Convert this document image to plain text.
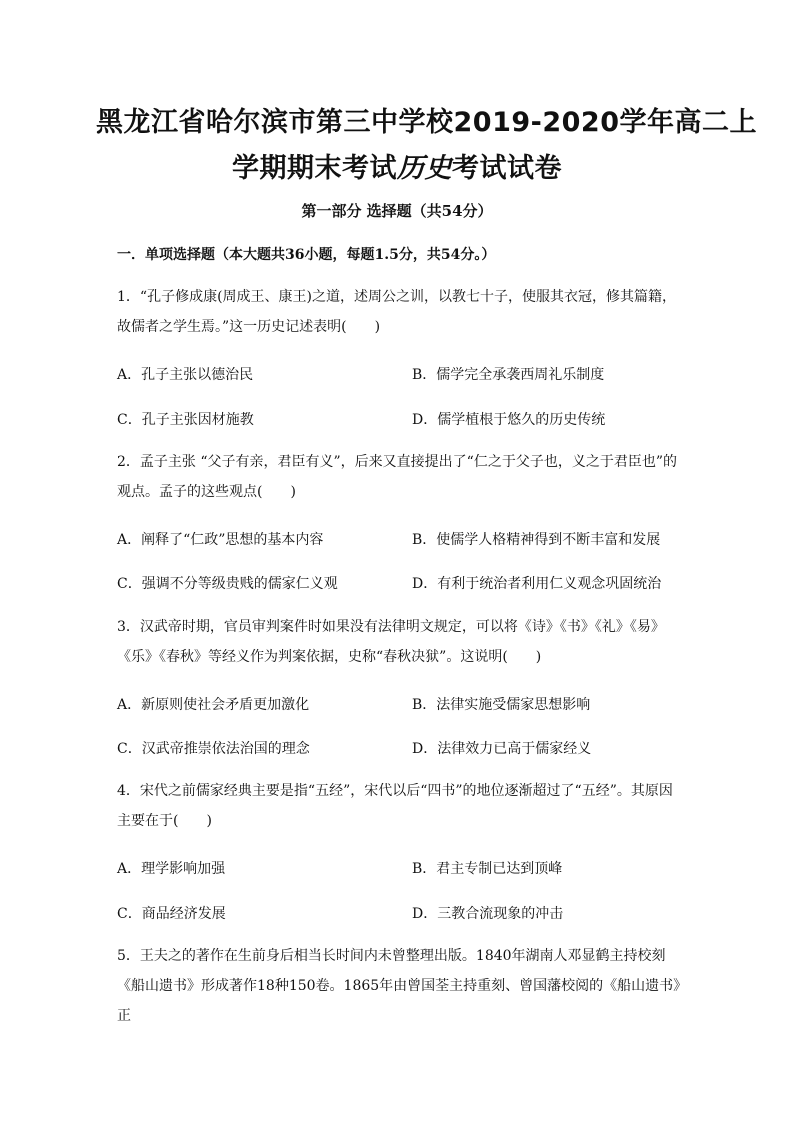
黑龙江省哈尔滨市第三中学校2019-2020学年高二上
学期期末考试历史考试试卷
第一部分 选择题（共54分）
一．单项选择题（本大题共36小题，每题1.5分，共54分。）
1．“孔子修成康(周成王、康王)之道，述周公之训，以教七十子，使服其衣冠，修其篇籍，故儒者之学生焉。”这一历史记述表明(　　)
A．孔子主张以德治民	B．儒学完全承袭西周礼乐制度
C．孔子主张因材施教	D．儒学植根于悠久的历史传统
2．孟子主张 “父子有亲，君臣有义”，后来又直接提出了“仁之于父子也，义之于君臣也”的观点。孟子的这些观点(　　)
A．阐释了“仁政”思想的基本内容	B．使儒学人格精神得到不断丰富和发展
C．强调不分等级贵贱的儒家仁义观	D．有利于统治者利用仁义观念巩固统治
3．汉武帝时期，官员审判案件时如果没有法律明文规定，可以将《诗》《书》《礼》《易》《乐》《春秋》等经义作为判案依据，史称“春秋决狱”。这说明(　　)
A．新原则使社会矛盾更加激化	B．法律实施受儒家思想影响
C．汉武帝推崇依法治国的理念	D．法律效力已高于儒家经义
4．宋代之前儒家经典主要是指“五经”，宋代以后“四书”的地位逐渐超过了“五经”。其原因主要在于(　　)
A．理学影响加强	B．君主专制已达到顶峰
C．商品经济发展	D．三教合流现象的冲击
5．王夫之的著作在生前身后相当长时间内未曾整理出版。1840年湖南人邓显鹤主持校刻《船山遗书》形成著作18种150卷。1865年由曾国荃主持重刻、曾国藩校阅的《船山遗书》正
